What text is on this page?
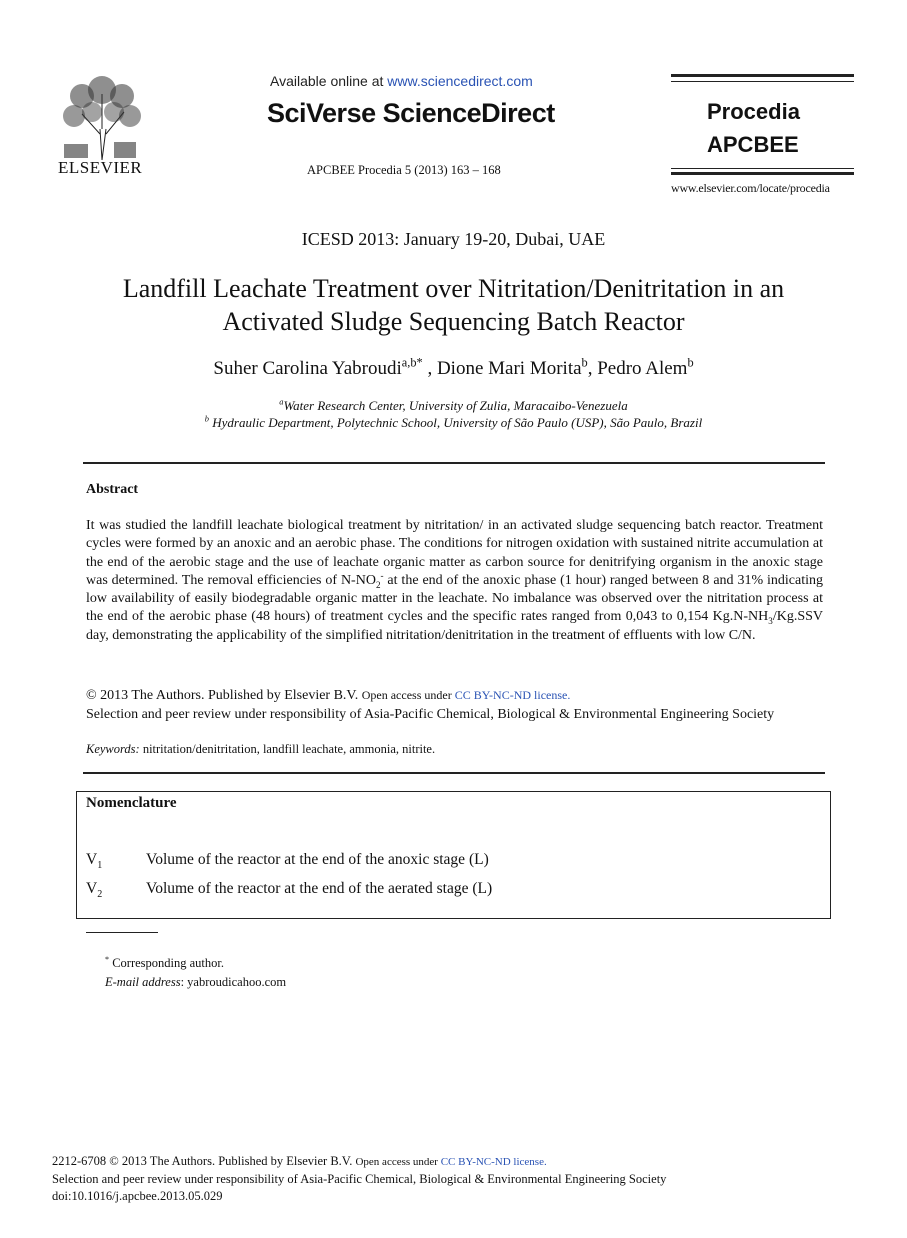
ELSEVIER
Available online at www.sciencedirect.com
SciVerse ScienceDirect
APCBEE Procedia 5 (2013) 163 – 168
Procedia
APCBEE
www.elsevier.com/locate/procedia
ICESD 2013: January 19-20, Dubai, UAE
Landfill Leachate Treatment over Nitritation/Denitritation in an
Activated Sludge Sequencing Batch Reactor
Suher Carolina Yabroudi$^{a,b*}$ , Dione Mari Morita$^b$, Pedro Alem$^b$
$^a$Water Research Center, University of Zulia, Maracaibo-Venezuela
$^b$ Hydraulic Department, Polytechnic School, University of São Paulo (USP), São Paulo, Brazil
Abstract
It was studied the landfill leachate biological treatment by nitritation/ in an activated sludge sequencing batch reactor. Treatment cycles were formed by an anoxic and an aerobic phase. The conditions for nitrogen oxidation with sustained nitrite accumulation at the end of the aerobic stage and the use of leachate organic matter as carbon source for denitrifying organism in the anoxic stage was determined. The removal efficiencies of $N-NO_2^-$ at the end of the anoxic phase (1 hour) ranged between 8 and 31% indicating low availability of easily biodegradable organic matter in the leachate. No imbalance was observed over the nitritation process at the end of the aerobic phase (48 hours) of treatment cycles and the specific rates ranged from 0,043 to 0,154 $Kg.N-NH_3/Kg.SSV$ day, demonstrating the applicability of the simplified nitritation/denitritation in the treatment of effluents with low C/N.
© 2013 The Authors. Published by Elsevier B.V. Open access under CC BY-NC-ND license.
Selection and peer review under responsibility of Asia-Pacific Chemical, Biological & Environmental Engineering Society
Keywords: nitritation/denitritation, landfill leachate, ammonia, nitrite.
Nomenclature
$V_1$	Volume of the reactor at the end of the anoxic stage (L)
$V_2$	Volume of the reactor at the end of the aerated stage (L)
* Corresponding author.
E-mail address: yabroudicahoo.com
2212-6708 © 2013 The Authors. Published by Elsevier B.V. Open access under CC BY-NC-ND license.
Selection and peer review under responsibility of Asia-Pacific Chemical, Biological & Environmental Engineering Society
doi:10.1016/j.apcbee.2013.05.029
